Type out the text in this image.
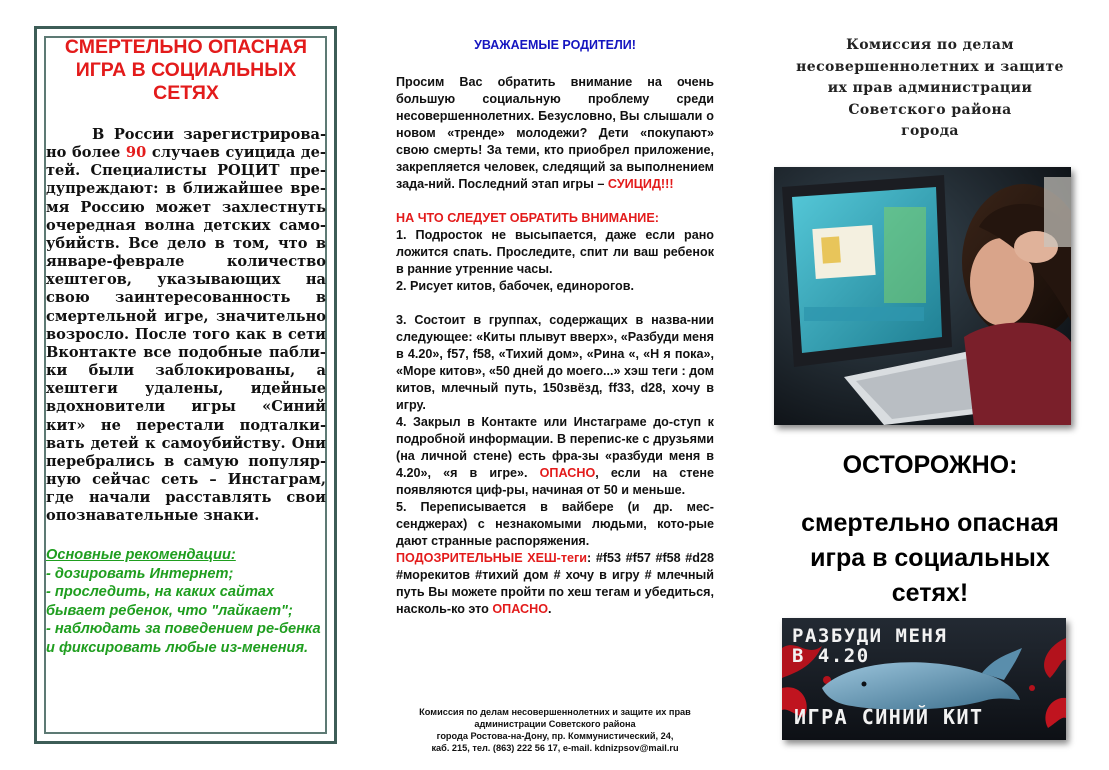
СМЕРТЕЛЬНО ОПАСНАЯ ИГРА В СОЦИАЛЬНЫХ СЕТЯХ

В России зарегистрирова-но более 90 случаев суицида де-тей. Специалисты РОЦИТ пре-дупреждают: в ближайшее вре-мя Россию может захлестнуть очередная волна детских само-убийств. Все дело в том, что в январе-феврале количество хештегов, указывающих на свою заинтересованность в смертельной игре, значительно возросло. После того как в сети Вконтакте все подобные пабли-ки были заблокированы, а хештеги удалены, идейные вдохновители игры «Синий кит» не перестали подталки-вать детей к самоубийству. Они перебрались в самую популяр-ную сейчас сеть – Инстаграм, где начали расставлять свои опознавательные знаки.

Основные рекомендации:
- дозировать Интернет;
- проследить, на каких сайтах бывает ребенок, что "лайкает";
- наблюдать за поведением ре-бенка и фиксировать любые из-менения.
УВАЖАЕМЫЕ РОДИТЕЛИ!

Просим Вас обратить внимание на очень большую социальную проблему среди несовершеннолетних. Безусловно, Вы слышали о новом «тренде» молодежи? Дети «покупают» свою смерть! За теми, кто приобрел приложение, закрепляется человек, следящий за выполнением зада-ний. Последний этап игры – СУИЦИД!!!

НА ЧТО СЛЕДУЕТ ОБРАТИТЬ ВНИМАНИЕ:

1. Подросток не высыпается, даже если рано ложится спать. Проследите, спит ли ваш ребенок в ранние утренние часы.

2. Рисует китов, бабочек, единорогов.

3. Состоит в группах, содержащих в назва-нии следующее: «Киты плывут вверх», «Разбуди меня в 4.20», f57, f58, «Тихий дом», «Рина «, «Н я пока», «Море китов», «50 дней до моего...» хэш теги : дом китов, млечный путь, 150звёзд, ff33, d28, хочу в игру.

4. Закрыл в Контакте или Инстаграме до-ступ к подробной информации. В перепис-ке с друзьями (на личной стене) есть фра-зы «разбуди меня в 4.20», «я в игре». ОПАСНО, если на стене появляются циф-ры, начиная от 50 и меньше.

5. Переписывается в вайбере (и др. мес-сенджерах) с незнакомыми людьми, кото-рые дают странные распоряжения.

ПОДОЗРИТЕЛЬНЫЕ ХЕШ-теги: #f53 #f57 #f58 #d28 #морекитов #тихий дом # хочу в игру # млечный путь Вы можете пройти по хеш тегам и убедиться, насколь-ко это ОПАСНО.

Комиссия по делам несовершеннолетних и защите их прав
администрации Советского района
города Ростова-на-Дону, пр. Коммунистический, 24,
каб. 215, тел. (863) 222 56 17, e-mail. kdnizpsov@mail.ru
Комиссия по делам
несовершеннолетних и защите
их прав администрации
Советского района
города
ОСТОРОЖНО:
смертельно опасная
игра в социальных
сетях!
РАЗБУДИ МЕНЯ
В 4.20
ИГРА СИНИЙ КИТ
